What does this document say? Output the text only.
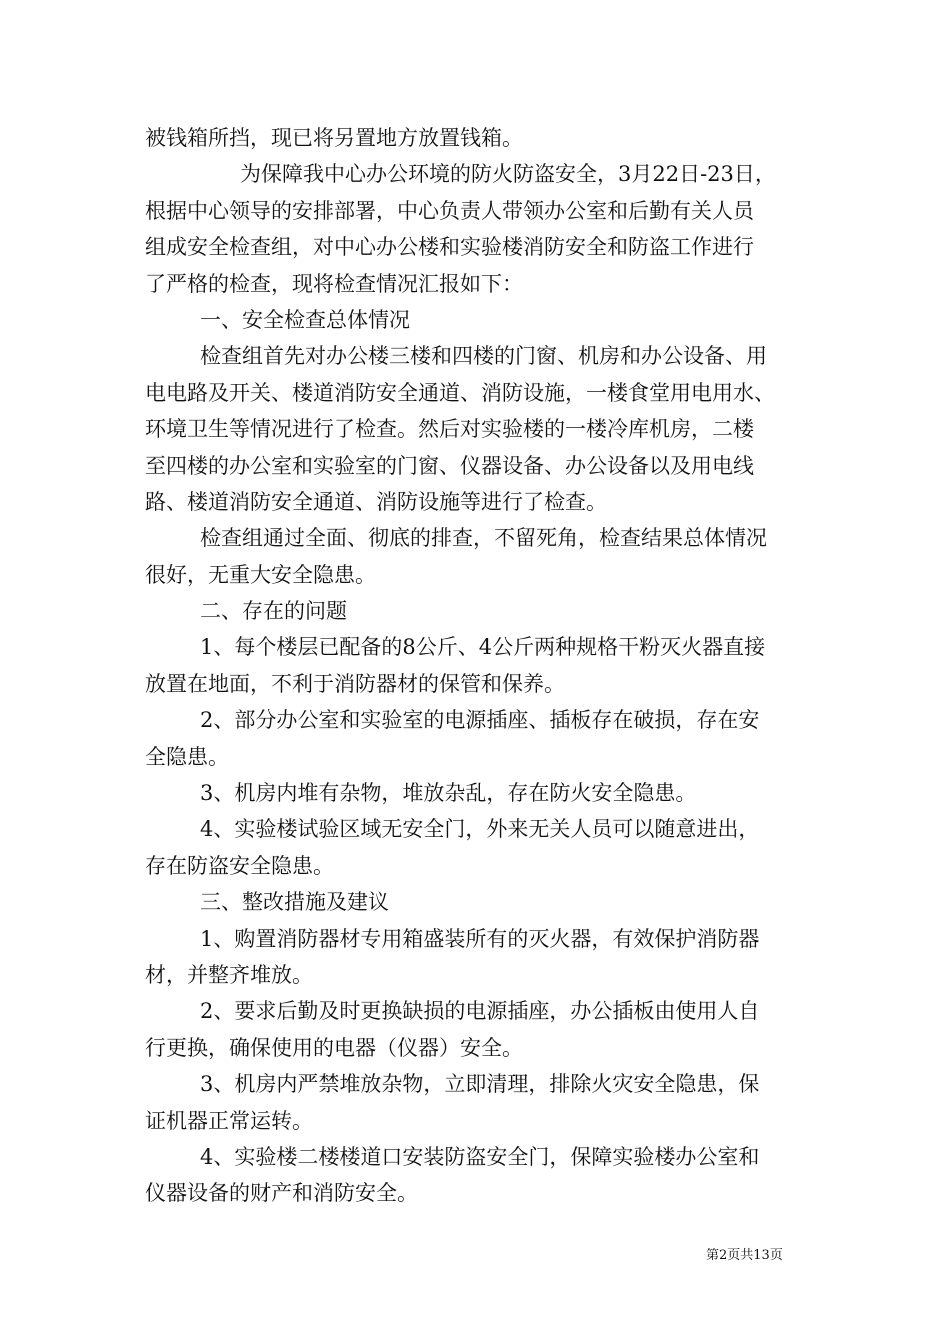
被钱箱所挡，现已将另置地方放置钱箱。
为保障我中心办公环境的防火防盗安全，3月22日-23日，
根据中心领导的安排部署，中心负责人带领办公室和后勤有关人员
组成安全检查组，对中心办公楼和实验楼消防安全和防盗工作进行
了严格的检查，现将检查情况汇报如下：
一、安全检查总体情况
检查组首先对办公楼三楼和四楼的门窗、机房和办公设备、用
电电路及开关、楼道消防安全通道、消防设施，一楼食堂用电用水、
环境卫生等情况进行了检查。然后对实验楼的一楼冷库机房，二楼
至四楼的办公室和实验室的门窗、仪器设备、办公设备以及用电线
路、楼道消防安全通道、消防设施等进行了检查。
检查组通过全面、彻底的排查，不留死角，检查结果总体情况
很好，无重大安全隐患。
二、存在的问题
1、每个楼层已配备的8公斤、4公斤两种规格干粉灭火器直接
放置在地面，不利于消防器材的保管和保养。
2、部分办公室和实验室的电源插座、插板存在破损，存在安
全隐患。
3、机房内堆有杂物，堆放杂乱，存在防火安全隐患。
4、实验楼试验区域无安全门，外来无关人员可以随意进出，
存在防盗安全隐患。
三、整改措施及建议
1、购置消防器材专用箱盛装所有的灭火器，有效保护消防器
材，并整齐堆放。
2、要求后勤及时更换缺损的电源插座，办公插板由使用人自
行更换，确保使用的电器（仪器）安全。
3、机房内严禁堆放杂物，立即清理，排除火灾安全隐患，保
证机器正常运转。
4、实验楼二楼楼道口安装防盗安全门，保障实验楼办公室和
仪器设备的财产和消防安全。
第2页共13页
